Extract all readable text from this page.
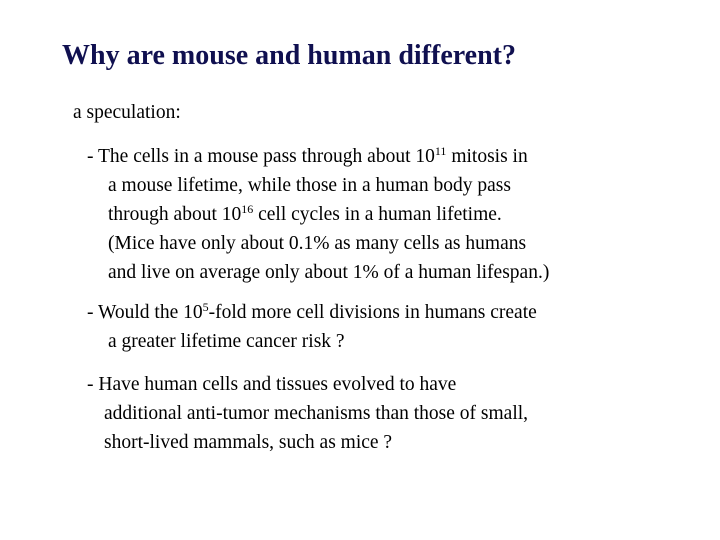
Why are mouse and human different?

a speculation:

- The cells in a mouse pass through about $10^{11}$ mitosis in
a mouse lifetime, while those in a human body pass
through about $10^{16}$ cell cycles in a human lifetime.
(Mice have only about 0.1% as many cells as humans
and live on average only about 1% of a human lifespan.)
- Would the $10^5$-fold more cell divisions in humans create
a greater lifetime cancer risk ?
- Have human cells and tissues evolved to have
additional anti-tumor mechanisms than those of small,
short-lived mammals, such as mice ?
